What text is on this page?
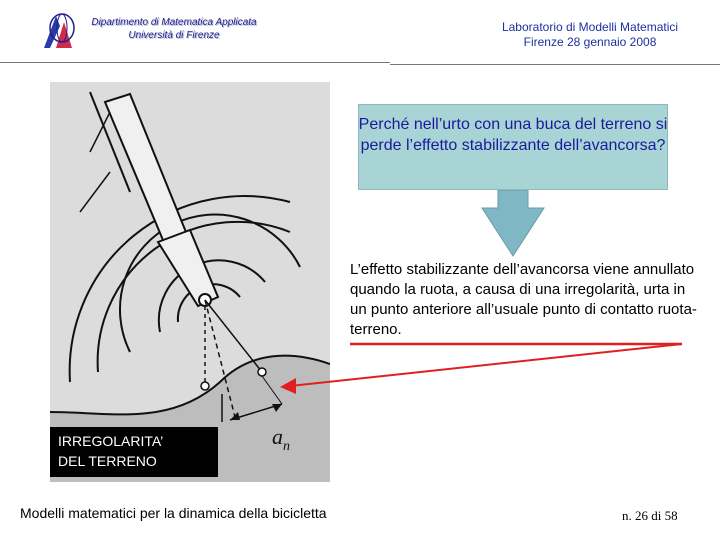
Dipartimento di Matematica Applicata
Università di Firenze
Laboratorio di Modelli Matematici
Firenze 28 gennaio 2008
$a_n$
IRREGOLARITA’
DEL TERRENO
Perché nell’urto con una buca del terreno si perde l’effetto stabilizzante dell’avancorsa?
L’effetto stabilizzante dell’avancorsa viene annullato quando la ruota, a causa di una irregolarità, urta in un punto anteriore all’usuale punto di contatto ruota-terreno.
Modelli matematici per la dinamica della bicicletta	n. 26 di 58
